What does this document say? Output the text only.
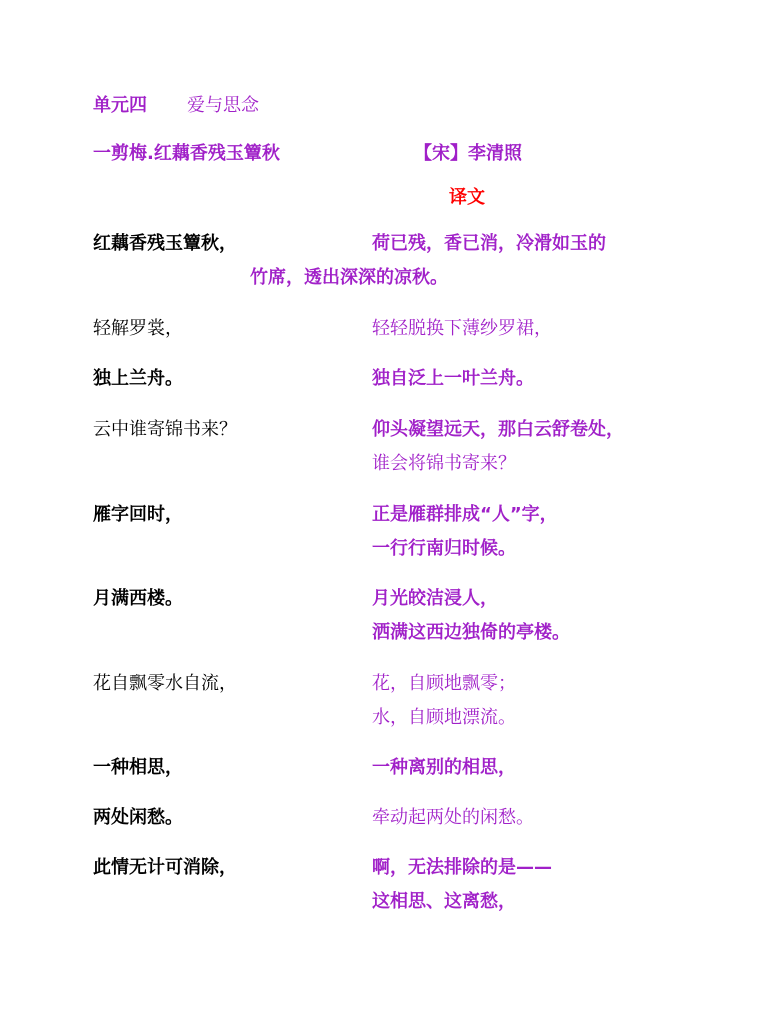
单元四 爱与思念
一剪梅.红藕香残玉簟秋	【宋】李清照
译文
红藕香残玉簟秋，	荷已残，香已消，冷滑如玉的
竹席，透出深深的凉秋。
轻解罗裳，	轻轻脱换下薄纱罗裙，
独上兰舟。	独自泛上一叶兰舟。
云中谁寄锦书来？	仰头凝望远天，那白云舒卷处，
谁会将锦书寄来？
雁字回时，	正是雁群排成“人”字，
一行行南归时候。
月满西楼。	月光皎洁浸人，
洒满这西边独倚的亭楼。
花自飘零水自流，	花，自顾地飘零；
水，自顾地漂流。
一种相思，	一种离别的相思，
两处闲愁。	牵动起两处的闲愁。
此情无计可消除，	啊，无法排除的是——
这相思、这离愁，
